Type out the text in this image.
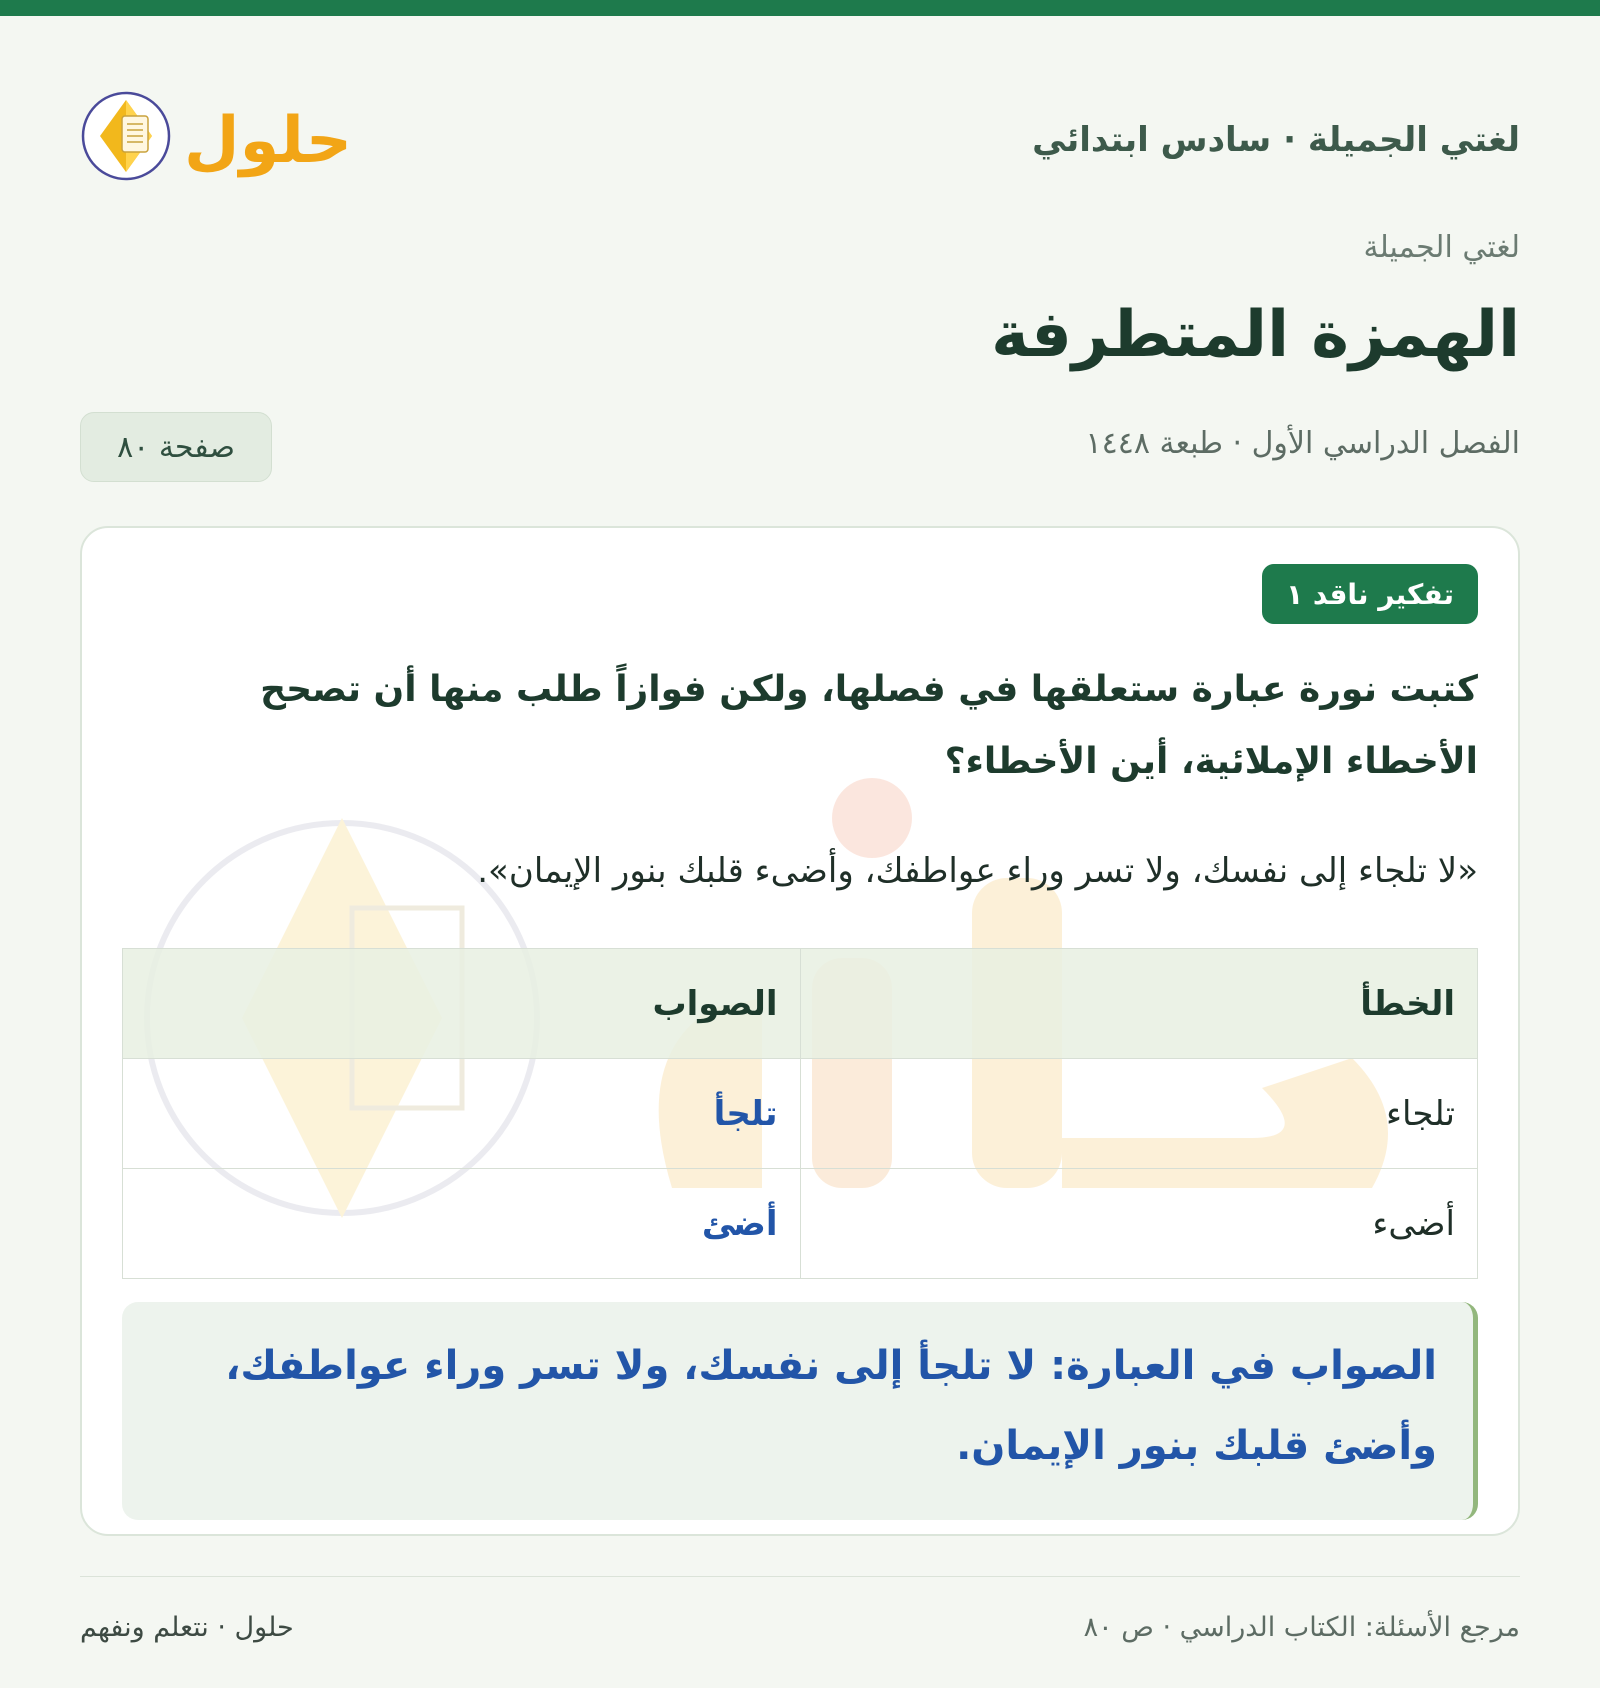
لغتي الجميلة · سادس ابتدائي
حلول
لغتي الجميلة
الهمزة المتطرفة
الفصل الدراسي الأول · طبعة ١٤٤٨
صفحة ٨٠
تفكير ناقد ١
كتبت نورة عبارة ستعلقها في فصلها، ولكن فوازاً طلب منها أن تصحح الأخطاء الإملائية، أين الأخطاء؟
«لا تلجاء إلى نفسك، ولا تسر وراء عواطفك، وأضىء قلبك بنور الإيمان».
الخطأ	الصواب
تلجاء	تلجأ
أضىء	أضئ
الصواب في العبارة: لا تلجأ إلى نفسك، ولا تسر وراء عواطفك، وأضئ قلبك بنور الإيمان.
مرجع الأسئلة: الكتاب الدراسي · ص ٨٠
حلول · نتعلم ونفهم
